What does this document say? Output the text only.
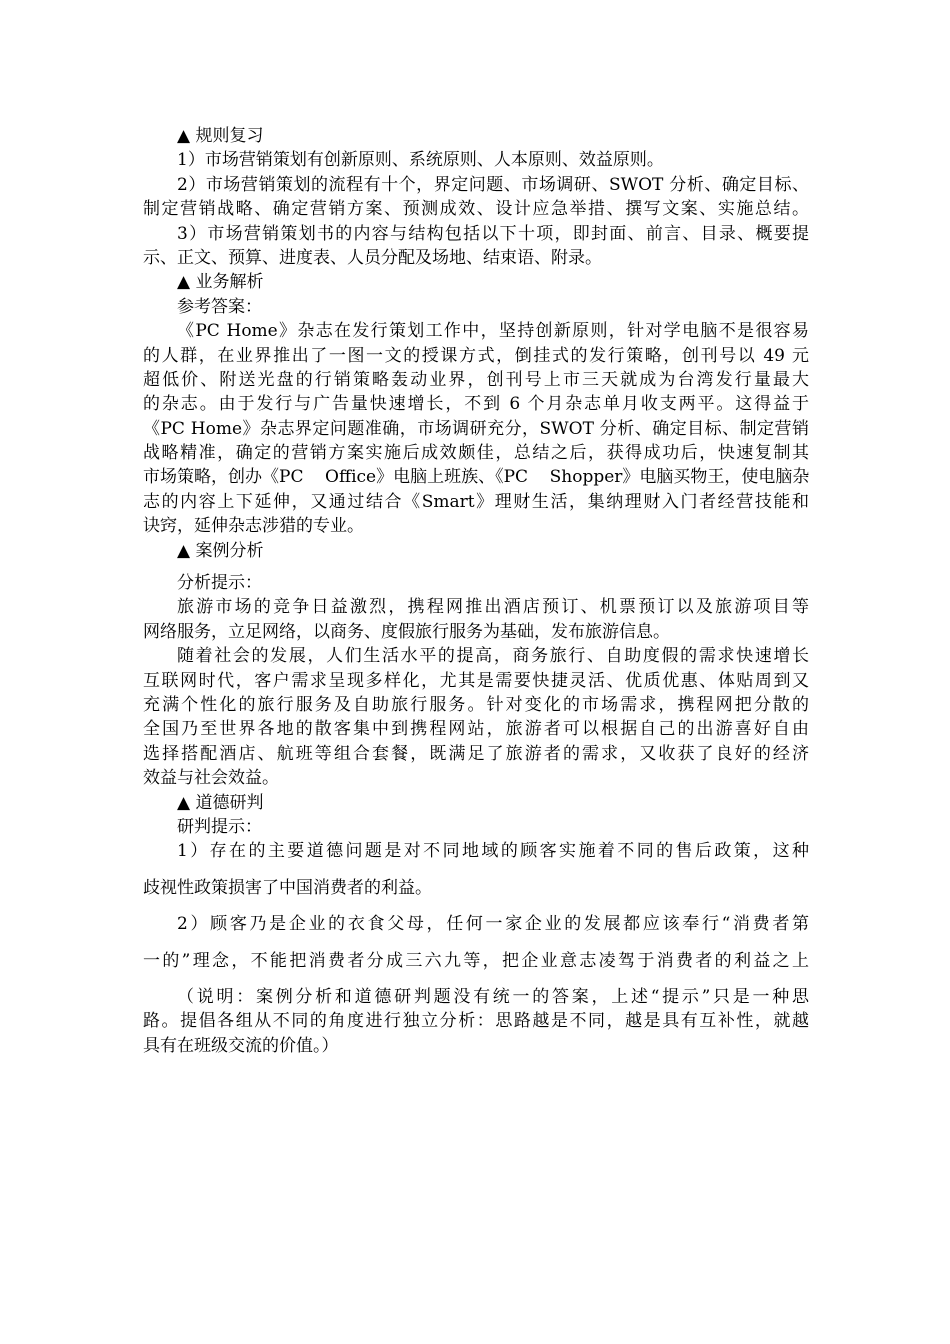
▲ 规则复习
1）市场营销策划有创新原则、系统原则、人本原则、效益原则。
2）市场营销策划的流程有十个，界定问题、市场调研、SWOT 分析、确定目标、
制定营销战略、确定营销方案、预测成效、设计应急举措、撰写文案、实施总结。
3）市场营销策划书的内容与结构包括以下十项，即封面、前言、目录、概要提
示、正文、预算、进度表、人员分配及场地、结束语、附录。
▲ 业务解析
参考答案：
《PC Home》杂志在发行策划工作中，坚持创新原则，针对学电脑不是很容易
的人群，在业界推出了一图一文的授课方式，倒挂式的发行策略，创刊号以 49 元
超低价、附送光盘的行销策略轰动业界，创刊号上市三天就成为台湾发行量最大
的杂志。由于发行与广告量快速增长，不到 6 个月杂志单月收支两平。这得益于
《PC Home》杂志界定问题准确，市场调研充分，SWOT 分析、确定目标、制定营销
战略精准，确定的营销方案实施后成效颇佳，总结之后，获得成功后，快速复制其
市场策略，创办《PC    Office》电脑上班族、《PC    Shopper》电脑买物王，使电脑杂
志的内容上下延伸，又通过结合《Smart》理财生活，集纳理财入门者经营技能和
诀窍，延伸杂志涉猎的专业。
▲ 案例分析
分析提示：
旅游市场的竞争日益激烈，携程网推出酒店预订、机票预订以及旅游项目等
网络服务，立足网络，以商务、度假旅行服务为基础，发布旅游信息。
随着社会的发展，人们生活水平的提高，商务旅行、自助度假的需求快速增长
互联网时代，客户需求呈现多样化，尤其是需要快捷灵活、优质优惠、体贴周到又
充满个性化的旅行服务及自助旅行服务。针对变化的市场需求，携程网把分散的
全国乃至世界各地的散客集中到携程网站，旅游者可以根据自己的出游喜好自由
选择搭配酒店、航班等组合套餐，既满足了旅游者的需求，又收获了良好的经济
效益与社会效益。
▲ 道德研判
研判提示：
1）存在的主要道德问题是对不同地域的顾客实施着不同的售后政策，这种
歧视性政策损害了中国消费者的利益。
2）顾客乃是企业的衣食父母，任何一家企业的发展都应该奉行“消费者第
一的”理念，不能把消费者分成三六九等，把企业意志凌驾于消费者的利益之上
（说明：案例分析和道德研判题没有统一的答案，上述“提示”只是一种思
路。提倡各组从不同的角度进行独立分析：思路越是不同，越是具有互补性，就越
具有在班级交流的价值。）
